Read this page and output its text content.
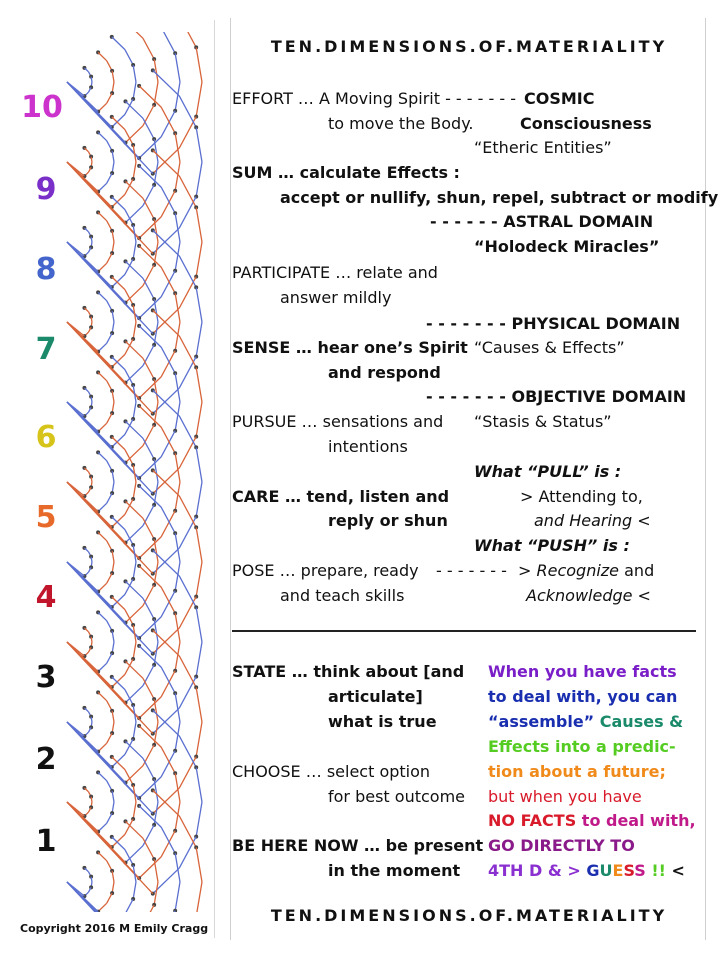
10
9
8
7
6
5
4
3
2
1
Copyright 2016 M Emily Cragg
TEN.DIMENSIONS.OF.MATERIALITY
TEN.DIMENSIONS.OF.MATERIALITY
EFFORT … A Moving Spirit - - - - - - - COSMIC
to move the Body.	Consciousness
“Etheric Entities”
SUM … calculate Effects :
accept or nullify, shun, repel, subtract or modify
- - - - - - ASTRAL DOMAIN
“Holodeck Miracles”
PARTICIPATE … relate and
answer mildly
- - - - - - - PHYSICAL DOMAIN
SENSE … hear one’s Spirit “Causes & Effects”
and respond
- - - - - - - OBJECTIVE DOMAIN
PURSUE … sensations and “Stasis & Status”
intentions
What “PULL” is :
CARE … tend, listen and	> Attending to,
reply or shun	and Hearing <
What “PUSH” is :
POSE … prepare, ready - - - - - - - > Recognize and
and teach skills	Acknowledge <
STATE … think about [and
articulate]
what is true
CHOOSE … select option
for best outcome
BE HERE NOW … be present
in the moment
When you have facts
to deal with, you can
“assemble” Causes &
Effects into a predic-
tion about a future;
but when you have
NO FACTS to deal with,
GO DIRECTLY TO
4TH D & > GUESS !! <
